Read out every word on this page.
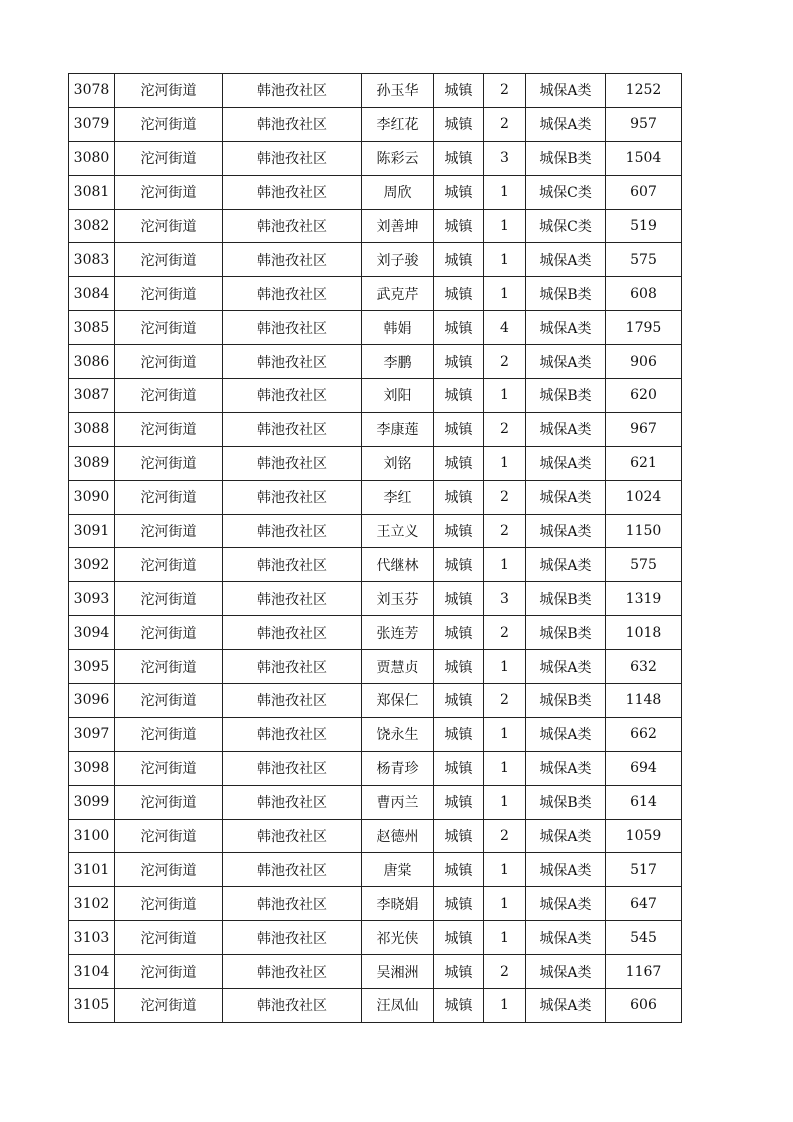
3078	沱河街道	韩池孜社区	孙玉华	城镇	2	城保A类	1252
3079	沱河街道	韩池孜社区	李红花	城镇	2	城保A类	957
3080	沱河街道	韩池孜社区	陈彩云	城镇	3	城保B类	1504
3081	沱河街道	韩池孜社区	周欣	城镇	1	城保C类	607
3082	沱河街道	韩池孜社区	刘善坤	城镇	1	城保C类	519
3083	沱河街道	韩池孜社区	刘子骏	城镇	1	城保A类	575
3084	沱河街道	韩池孜社区	武克芹	城镇	1	城保B类	608
3085	沱河街道	韩池孜社区	韩娟	城镇	4	城保A类	1795
3086	沱河街道	韩池孜社区	李鹏	城镇	2	城保A类	906
3087	沱河街道	韩池孜社区	刘阳	城镇	1	城保B类	620
3088	沱河街道	韩池孜社区	李康莲	城镇	2	城保A类	967
3089	沱河街道	韩池孜社区	刘铭	城镇	1	城保A类	621
3090	沱河街道	韩池孜社区	李红	城镇	2	城保A类	1024
3091	沱河街道	韩池孜社区	王立义	城镇	2	城保A类	1150
3092	沱河街道	韩池孜社区	代继林	城镇	1	城保A类	575
3093	沱河街道	韩池孜社区	刘玉芬	城镇	3	城保B类	1319
3094	沱河街道	韩池孜社区	张连芳	城镇	2	城保B类	1018
3095	沱河街道	韩池孜社区	贾慧贞	城镇	1	城保A类	632
3096	沱河街道	韩池孜社区	郑保仁	城镇	2	城保B类	1148
3097	沱河街道	韩池孜社区	饶永生	城镇	1	城保A类	662
3098	沱河街道	韩池孜社区	杨青珍	城镇	1	城保A类	694
3099	沱河街道	韩池孜社区	曹丙兰	城镇	1	城保B类	614
3100	沱河街道	韩池孜社区	赵德州	城镇	2	城保A类	1059
3101	沱河街道	韩池孜社区	唐棠	城镇	1	城保A类	517
3102	沱河街道	韩池孜社区	李晓娟	城镇	1	城保A类	647
3103	沱河街道	韩池孜社区	祁光侠	城镇	1	城保A类	545
3104	沱河街道	韩池孜社区	吴湘洲	城镇	2	城保A类	1167
3105	沱河街道	韩池孜社区	汪凤仙	城镇	1	城保A类	606
